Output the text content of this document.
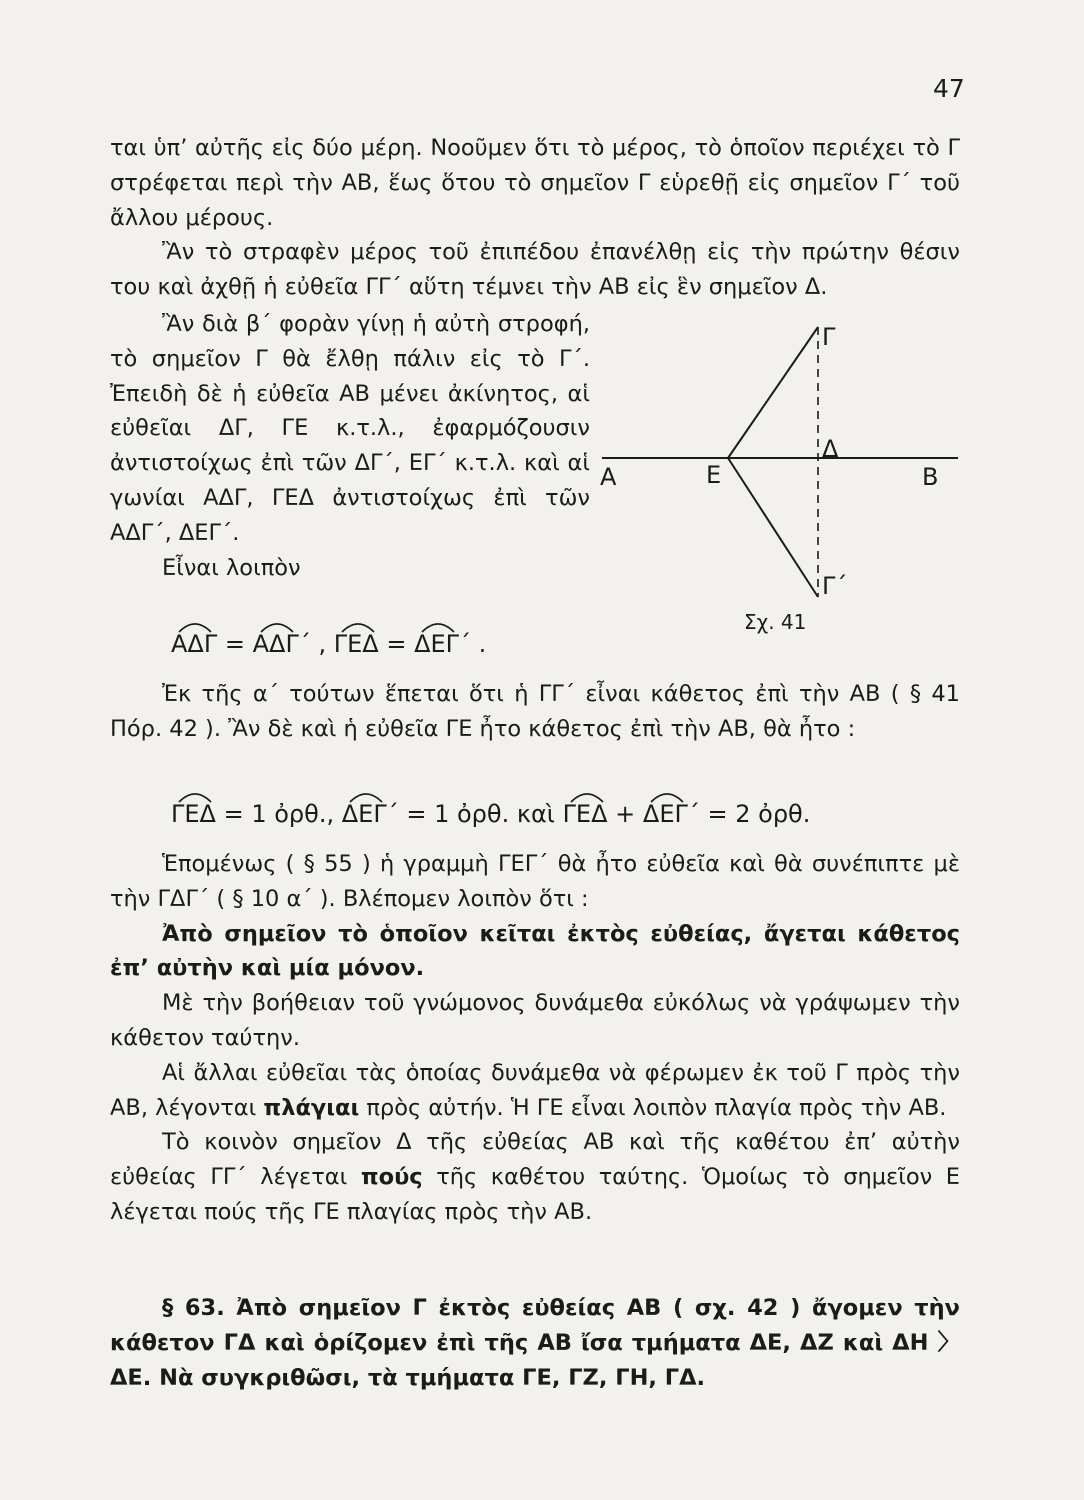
47

ται ὑπ’ αὐτῆς εἰς δύο μέρη. Νοοῦμεν ὅτι τὸ μέρος, τὸ ὁποῖον περιέχει τὸ Γ στρέφεται περὶ τὴν ΑΒ, ἕως ὅτου τὸ σημεῖον Γ εὑρεθῇ εἰς σημεῖον Γ΄ τοῦ ἄλλου μέρους.

Ἂν τὸ στραφὲν μέρος τοῦ ἐπιπέδου ἐπανέλθῃ εἰς τὴν πρώτην θέσιν του καὶ ἀχθῇ ἡ εὐθεῖα ΓΓ΄ αὕτη τέμνει τὴν ΑΒ εἰς ἓν σημεῖον Δ.

Ἂν διὰ β΄ φορὰν γίνῃ ἡ αὐτὴ στροφή, τὸ σημεῖον Γ θὰ ἔλθῃ πάλιν εἰς τὸ Γ΄. Ἐπειδὴ δὲ ἡ εὐθεῖα ΑΒ μένει ἀκίνητος, αἱ εὐθεῖαι ΔΓ, ΓΕ κ.τ.λ., ἐφαρμόζουσιν ἀντιστοίχως ἐπὶ τῶν ΔΓ΄, ΕΓ΄ κ.τ.λ. καὶ αἱ γωνίαι ΑΔΓ, ΓΕΔ ἀντιστοίχως ἐπὶ τῶν ΑΔΓ΄, ΔΕΓ΄.

Εἶναι λοιπὸν

Α	Ε	Β
Δ
Γ
Γ΄
Σχ. 41
ΑΔΓ
= ΑΔΓ΄ , ΓΕΔ
= ΔΕΓ΄ .

Ἐκ τῆς α΄ τούτων ἕπεται ὅτι ἡ ΓΓ΄ εἶναι κάθετος ἐπὶ τὴν ΑΒ ( § 41 Πόρ. 42 ). Ἂν δὲ καὶ ἡ εὐθεῖα ΓΕ ἦτο κάθετος ἐπὶ τὴν ΑΒ, θὰ ἦτο :

ΓΕΔ = 1 ὀρθ., ΔΕΓ΄ = 1 ὀρθ. καὶ ΓΕΔ + ΔΕΓ΄ = 2 ὀρθ.

Ἑπομένως ( § 55 ) ἡ γραμμὴ ΓΕΓ΄ θὰ ἦτο εὐθεῖα καὶ θὰ συνέπιπτε μὲ τὴν ΓΔΓ΄ ( § 10 α΄ ). Βλέπομεν λοιπὸν ὅτι :

Ἀπὸ σημεῖον τὸ ὁποῖον κεῖται ἐκτὸς εὐθείας, ἄγεται κάθετος ἐπ’ αὐτὴν καὶ μία μόνον.

Μὲ τὴν βοήθειαν τοῦ γνώμονος δυνάμεθα εὐκόλως νὰ γράψωμεν τὴν κάθετον ταύτην.

Αἱ ἄλλαι εὐθεῖαι τὰς ὁποίας δυνάμεθα νὰ φέρωμεν ἐκ τοῦ Γ πρὸς τὴν ΑΒ, λέγονται πλάγιαι πρὸς αὐτήν. Ἡ ΓΕ εἶναι λοιπὸν πλαγία πρὸς τὴν ΑΒ.

Τὸ κοινὸν σημεῖον Δ τῆς εὐθείας ΑΒ καὶ τῆς καθέτου ἐπ’ αὐτὴν εὐθείας ΓΓ΄ λέγεται πούς τῆς καθέτου ταύτης. Ὁμοίως τὸ σημεῖον Ε λέγεται πούς τῆς ΓΕ πλαγίας πρὸς τὴν ΑΒ.

§ 63. Ἀπὸ σημεῖον Γ ἐκτὸς εὐθείας ΑΒ ( σχ. 42 ) ἄγομεν τὴν κάθετον ΓΔ καὶ ὁρίζομεν ἐπὶ τῆς ΑΒ ἴσα τμήματα ΔΕ, ΔΖ καὶ ΔΗ 〉 ΔΕ. Νὰ συγκριθῶσι, τὰ τμήματα ΓΕ, ΓΖ, ΓΗ, ΓΔ.
